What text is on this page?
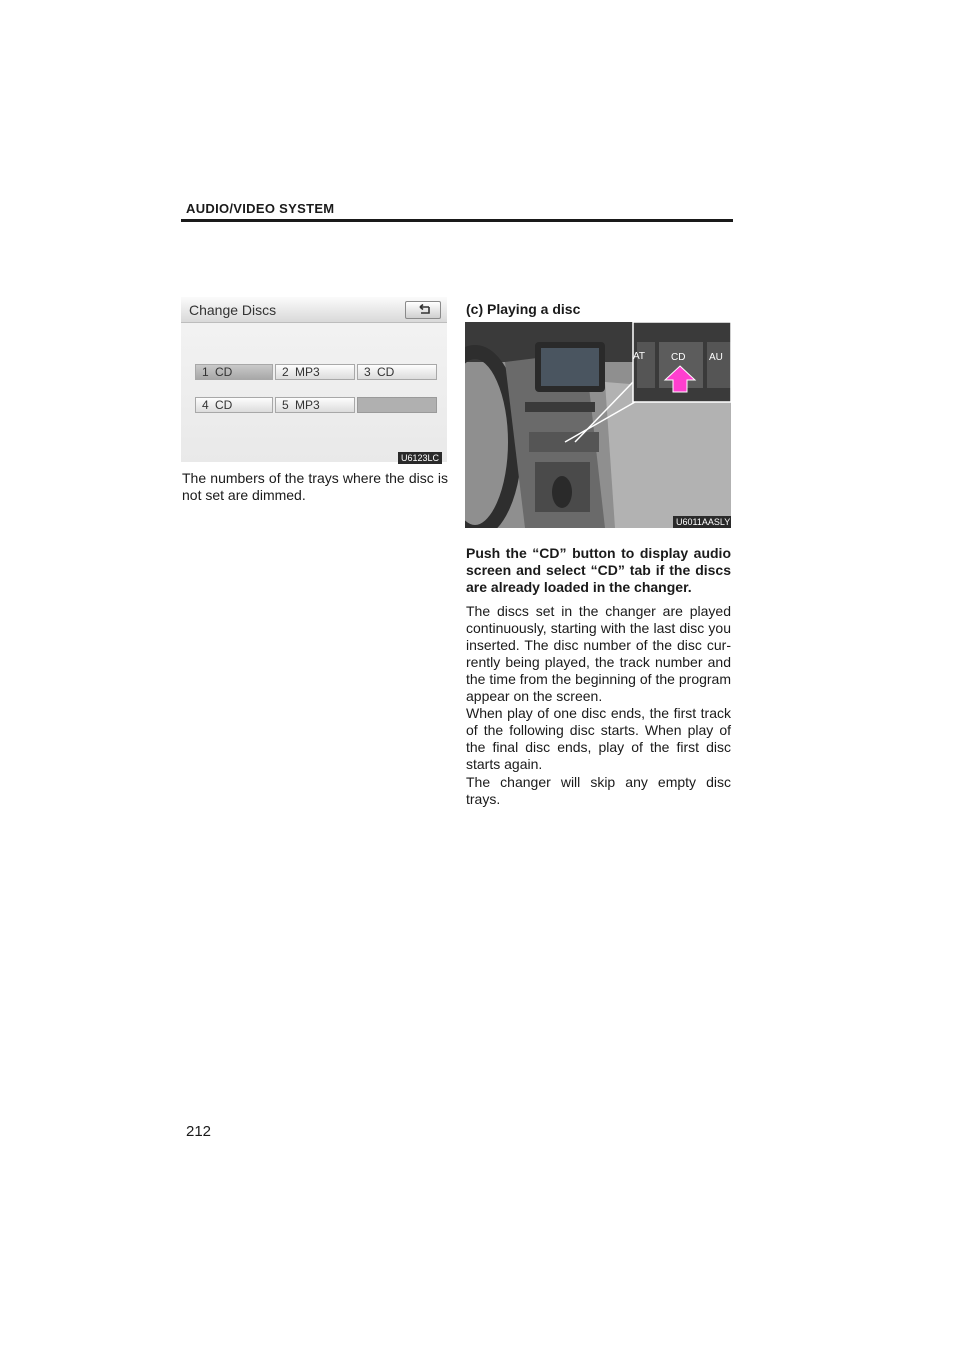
AUDIO/VIDEO SYSTEM
Change Discs
1 CD	2 MP3	3 CD
4 CD	5 MP3
U6123LC
The numbers of the trays where the disc is not set are dimmed.
(c) Playing a disc
AT	CD AU
U6011AASLY
Push the “CD” button to display audio screen and select “CD” tab if the discs are already loaded in the changer.
The discs set in the changer are played continuously, starting with the last disc you inserted. The disc number of the disc cur- rently being played, the track number and the time from the beginning of the program appear on the screen.
When play of one disc ends, the first track of the following disc starts. When play of the final disc ends, play of the first disc starts again.
The changer will skip any empty disc trays.
212
